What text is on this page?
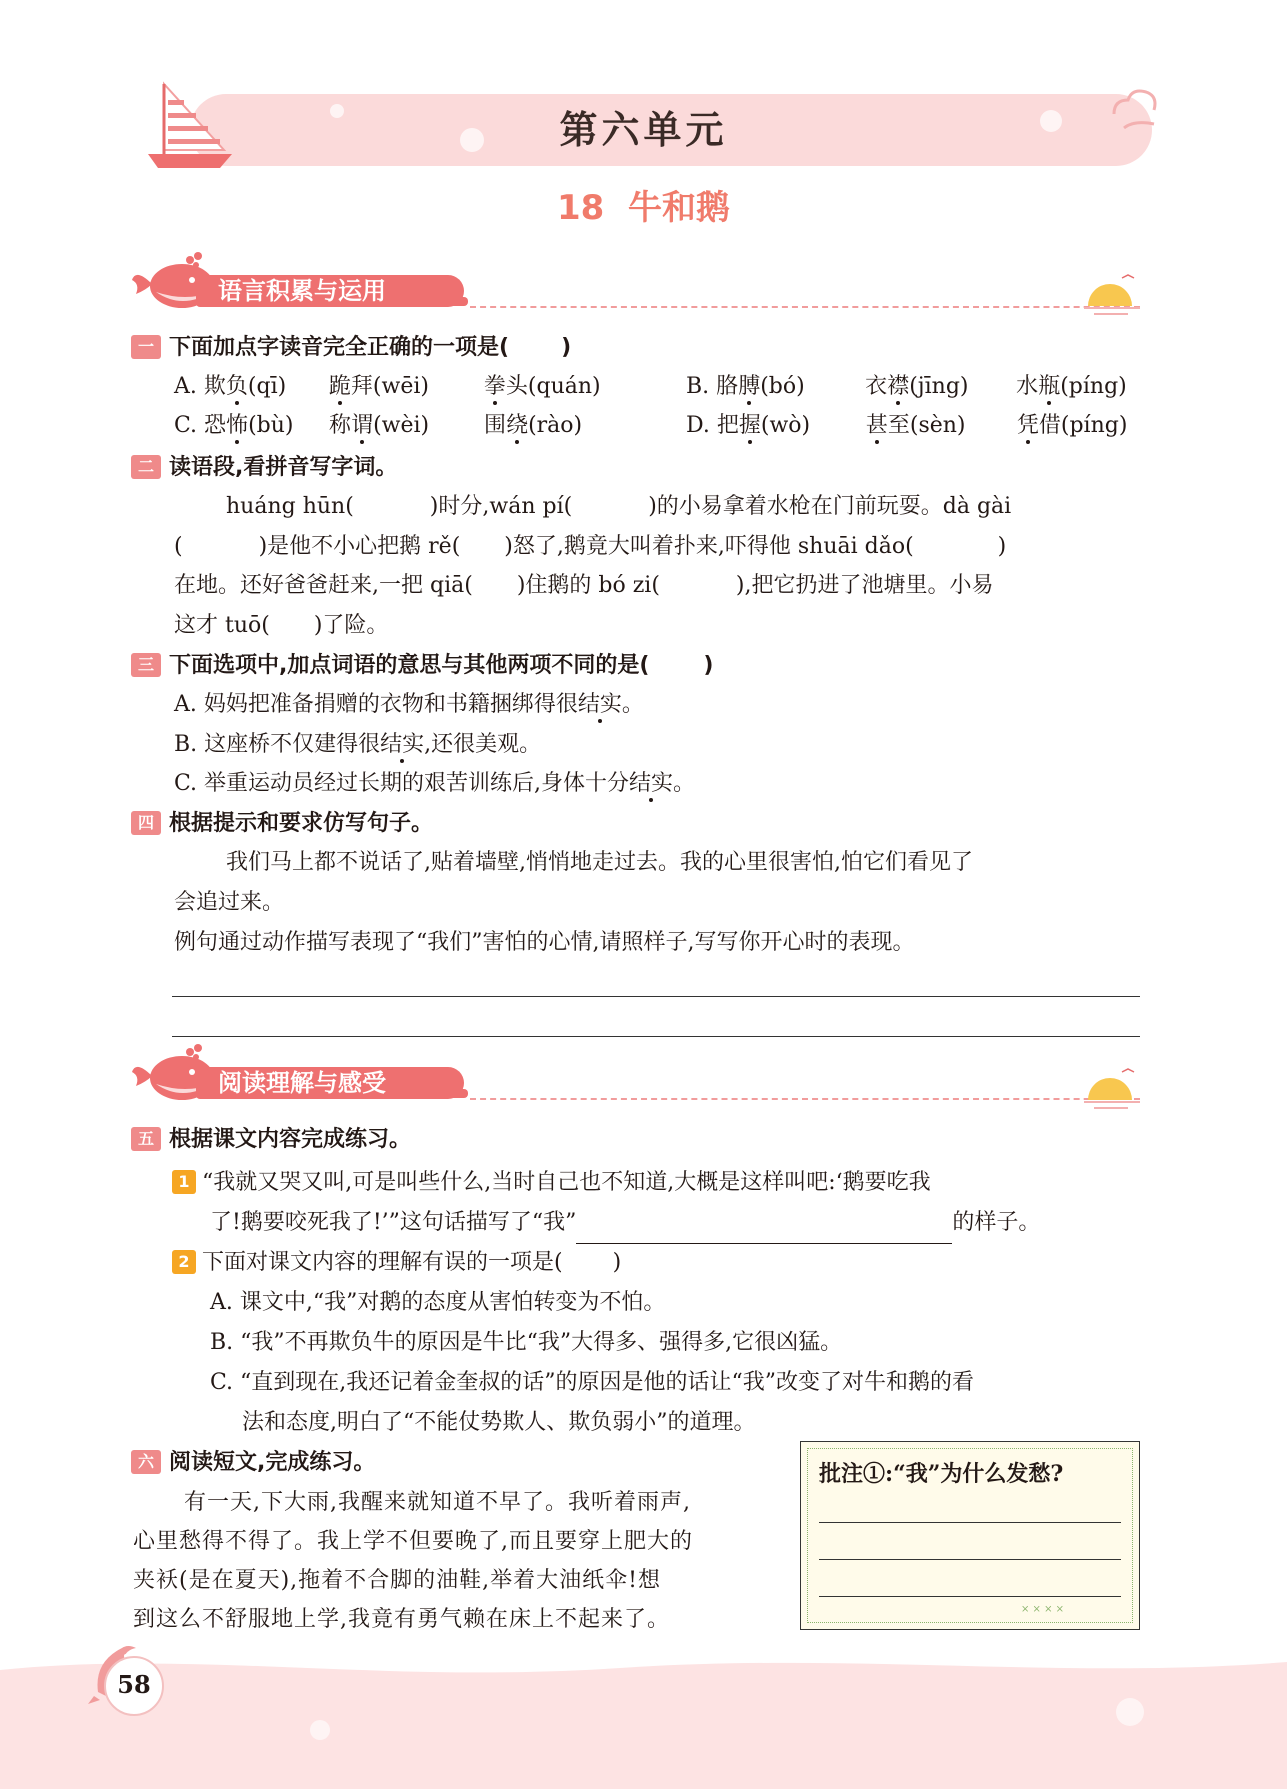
第六单元
18  牛和鹅
语言积累与运用
一 下面加点字读音完全正确的一项是( )
A. 欺负(qī) 跪拜(wēi) 拳头(quán)	B. 胳膊(bó)	衣襟(jīng) 水瓶(píng)
C. 恐怖(bù) 称谓(wèi) 围绕(rào)	D. 把握(wò)	甚至(sèn) 凭借(píng)
二 读语段,看拼音写字词。
huáng hūn(	)时分,wán pí(	)的小易拿着水枪在门前玩耍。dà gài
(	)是他不小心把鹅 rě( )怒了,鹅竟大叫着扑来,吓得他 shuāi dǎo(	)
在地。还好爸爸赶来,一把 qiā( )住鹅的 bó zi(	),把它扔进了池塘里。小易
这才 tuō( )了险。
三 下面选项中,加点词语的意思与其他两项不同的是( )
A. 妈妈把准备捐赠的衣物和书籍捆绑得很结实。
B. 这座桥不仅建得很结实,还很美观。
C. 举重运动员经过长期的艰苦训练后,身体十分结实。
四 根据提示和要求仿写句子。
我们马上都不说话了,贴着墙壁,悄悄地走过去。我的心里很害怕,怕它们看见了
会追过来。
例句通过动作描写表现了“我们”害怕的心情,请照样子,写写你开心时的表现。
阅读理解与感受
五 根据课文内容完成练习。
1 “我就又哭又叫,可是叫些什么,当时自己也不知道,大概是这样叫吧:‘鹅要吃我
了!鹅要咬死我了!’”这句话描写了“我”	的样子。
2 下面对课文内容的理解有误的一项是( )
A. 课文中,“我”对鹅的态度从害怕转变为不怕。
B. “我”不再欺负牛的原因是牛比“我”大得多、强得多,它很凶猛。
C. “直到现在,我还记着金奎叔的话”的原因是他的话让“我”改变了对牛和鹅的看
法和态度,明白了“不能仗势欺人、欺负弱小”的道理。
六 阅读短文,完成练习。
有一天,下大雨,我醒来就知道不早了。我听着雨声,
心里愁得不得了。我上学不但要晚了,而且要穿上肥大的
夹袄(是在夏天),拖着不合脚的油鞋,举着大油纸伞!想
到这么不舒服地上学,我竟有勇气赖在床上不起来了。
批注①:“我”为什么发愁?
× × × ×
58
